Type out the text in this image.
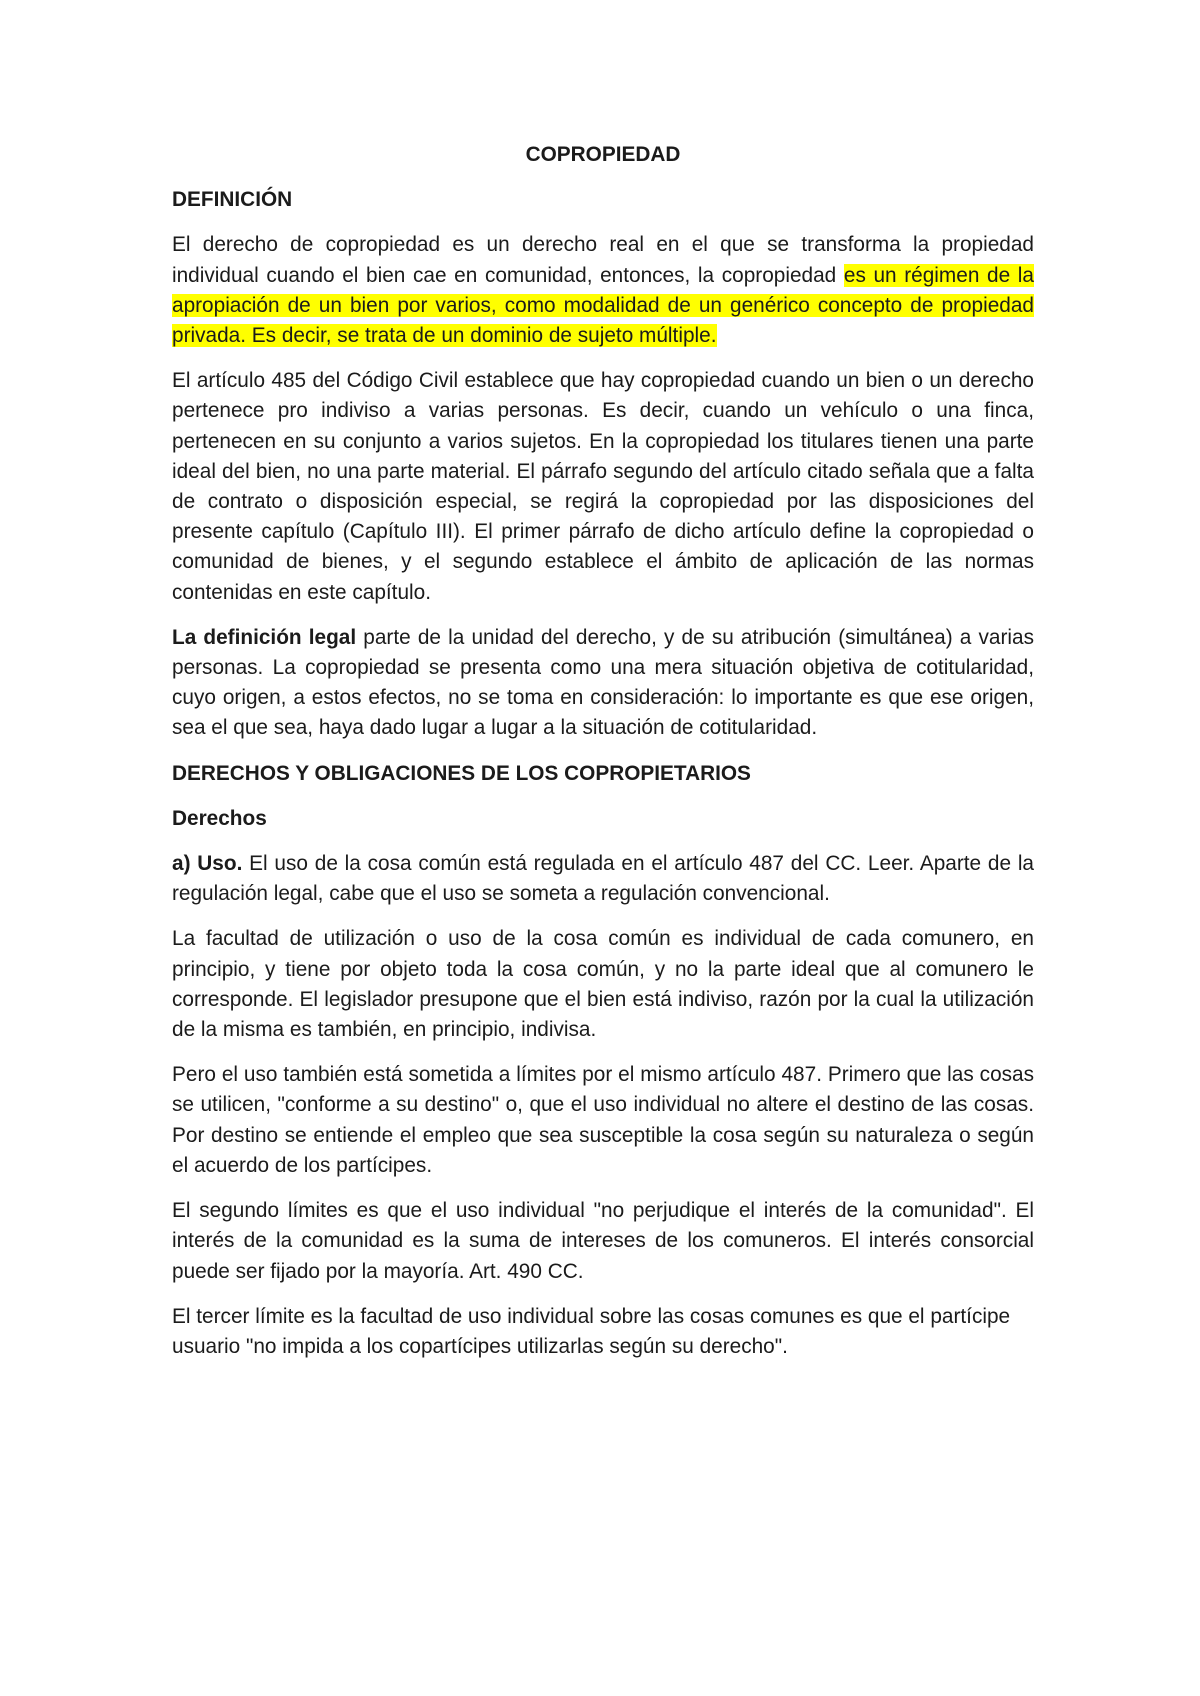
COPROPIEDAD

DEFINICIÓN

El derecho de copropiedad es un derecho real en el que se transforma la propiedad individual cuando el bien cae en comunidad, entonces, la copropiedad es un régimen de la apropiación de un bien por varios, como modalidad de un genérico concepto de propiedad privada. Es decir, se trata de un dominio de sujeto múltiple.

El artículo 485 del Código Civil establece que hay copropiedad cuando un bien o un derecho pertenece pro indiviso a varias personas. Es decir, cuando un vehículo o una finca, pertenecen en su conjunto a varios sujetos. En la copropiedad los titulares tienen una parte ideal del bien, no una parte material. El párrafo segundo del artículo citado señala que a falta de contrato o disposición especial, se regirá la copropiedad por las disposiciones del presente capítulo (Capítulo III). El primer párrafo de dicho artículo define la copropiedad o comunidad de bienes, y el segundo establece el ámbito de aplicación de las normas contenidas en este capítulo.

La definición legal parte de la unidad del derecho, y de su atribución (simultánea) a varias personas. La copropiedad se presenta como una mera situación objetiva de cotitularidad, cuyo origen, a estos efectos, no se toma en consideración: lo importante es que ese origen, sea el que sea, haya dado lugar a lugar a la situación de cotitularidad.

DERECHOS Y OBLIGACIONES DE LOS COPROPIETARIOS

Derechos

a) Uso. El uso de la cosa común está regulada en el artículo 487 del CC. Leer. Aparte de la regulación legal, cabe que el uso se someta a regulación convencional.

La facultad de utilización o uso de la cosa común es individual de cada comunero, en principio, y tiene por objeto toda la cosa común, y no la parte ideal que al comunero le corresponde. El legislador presupone que el bien está indiviso, razón por la cual la utilización de la misma es también, en principio, indivisa.

Pero el uso también está sometida a límites por el mismo artículo 487. Primero que las cosas se utilicen, "conforme a su destino" o, que el uso individual no altere el destino de las cosas. Por destino se entiende el empleo que sea susceptible la cosa según su naturaleza o según el acuerdo de los partícipes.

El segundo límites es que el uso individual "no perjudique el interés de la comunidad". El interés de la comunidad es la suma de intereses de los comuneros. El interés consorcial puede ser fijado por la mayoría. Art. 490 CC.

El tercer límite es la facultad de uso individual sobre las cosas comunes es que el partícipe usuario "no impida a los copartícipes utilizarlas según su derecho".
